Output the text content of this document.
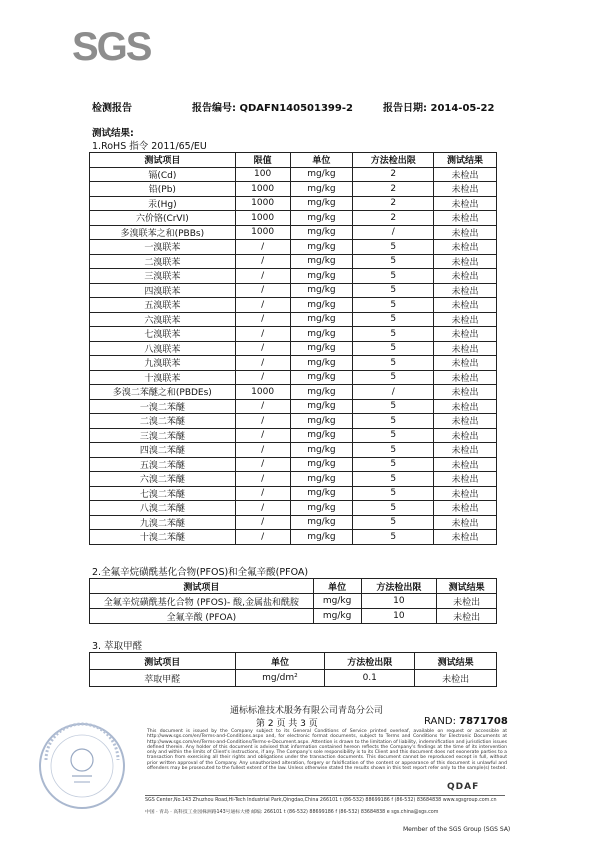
SGS
检测报告	报告编号: QDAFN140501399-2	报告日期: 2014-05-22
测试结果:
1.RoHS 指令 2011/65/EU
测试项目	限值	单位	方法检出限	测试结果
镉(Cd)	100	mg/kg	2	未检出
铅(Pb)	1000	mg/kg	2	未检出
汞(Hg)	1000	mg/kg	2	未检出
六价铬(CrVI)	1000	mg/kg	2	未检出
多溴联苯之和(PBBs)	1000	mg/kg	/	未检出
一溴联苯	/	mg/kg	5	未检出
二溴联苯	/	mg/kg	5	未检出
三溴联苯	/	mg/kg	5	未检出
四溴联苯	/	mg/kg	5	未检出
五溴联苯	/	mg/kg	5	未检出
六溴联苯	/	mg/kg	5	未检出
七溴联苯	/	mg/kg	5	未检出
八溴联苯	/	mg/kg	5	未检出
九溴联苯	/	mg/kg	5	未检出
十溴联苯	/	mg/kg	5	未检出
多溴二苯醚之和(PBDEs)	1000	mg/kg	/	未检出
一溴二苯醚	/	mg/kg	5	未检出
二溴二苯醚	/	mg/kg	5	未检出
三溴二苯醚	/	mg/kg	5	未检出
四溴二苯醚	/	mg/kg	5	未检出
五溴二苯醚	/	mg/kg	5	未检出
六溴二苯醚	/	mg/kg	5	未检出
七溴二苯醚	/	mg/kg	5	未检出
八溴二苯醚	/	mg/kg	5	未检出
九溴二苯醚	/	mg/kg	5	未检出
十溴二苯醚	/	mg/kg	5	未检出
2.全氟辛烷磺酰基化合物(PFOS)和全氟辛酸(PFOA)
测试项目	单位	方法检出限	测试结果
全氟辛烷磺酰基化合物 (PFOS)- 酸,金属盐和酰胺	mg/kg	10	未检出
全氟辛酸 (PFOA)	mg/kg	10	未检出
3. 萃取甲醛
测试项目	单位	方法检出限	测试结果
萃取甲醛	mg/dm²	0.1	未检出
通标标准技术服务有限公司青岛分公司
第 2 页 共 3 页	RAND: 7871708
This document is issued by the Company subject to its General Conditions of Service printed overleaf, available on request or accessible at http://www.sgs.com/en/Terms-and-Conditions.aspx and, for electronic format documents, subject to Terms and Conditions for Electronic Documents at http://www.sgs.com/en/Terms-and-Conditions/Terms-e-Document.aspx. Attention is drawn to the limitation of liability, indemnification and jurisdiction issues defined therein. Any holder of this document is advised that information contained hereon reflects the Company's findings at the time of its intervention only and within the limits of Client's instructions, if any. The Company's sole responsibility is to its Client and this document does not exonerate parties to a transaction from exercising all their rights and obligations under the transaction documents. This document cannot be reproduced except in full, without prior written approval of the Company. Any unauthorized alteration, forgery or falsification of the content or appearance of this document is unlawful and offenders may be prosecuted to the fullest extent of the law. Unless otherwise stated the results shown in this test report refer only to the sample(s) tested.
QDAF
SGS Center,No.143 Zhuzhou Road,Hi-Tech Industrial Park,Qingdao,China 266101 t (86-532) 88699186 f (86-532) 83684838 www.sgsgroup.com.cn
中国 · 青岛 · 高科技工业园株洲路143号通标大楼 邮编: 266101 t (86-532) 88699186 f (86-532) 83684838 e sgs.china@sgs.com
Member of the SGS Group (SGS SA)
